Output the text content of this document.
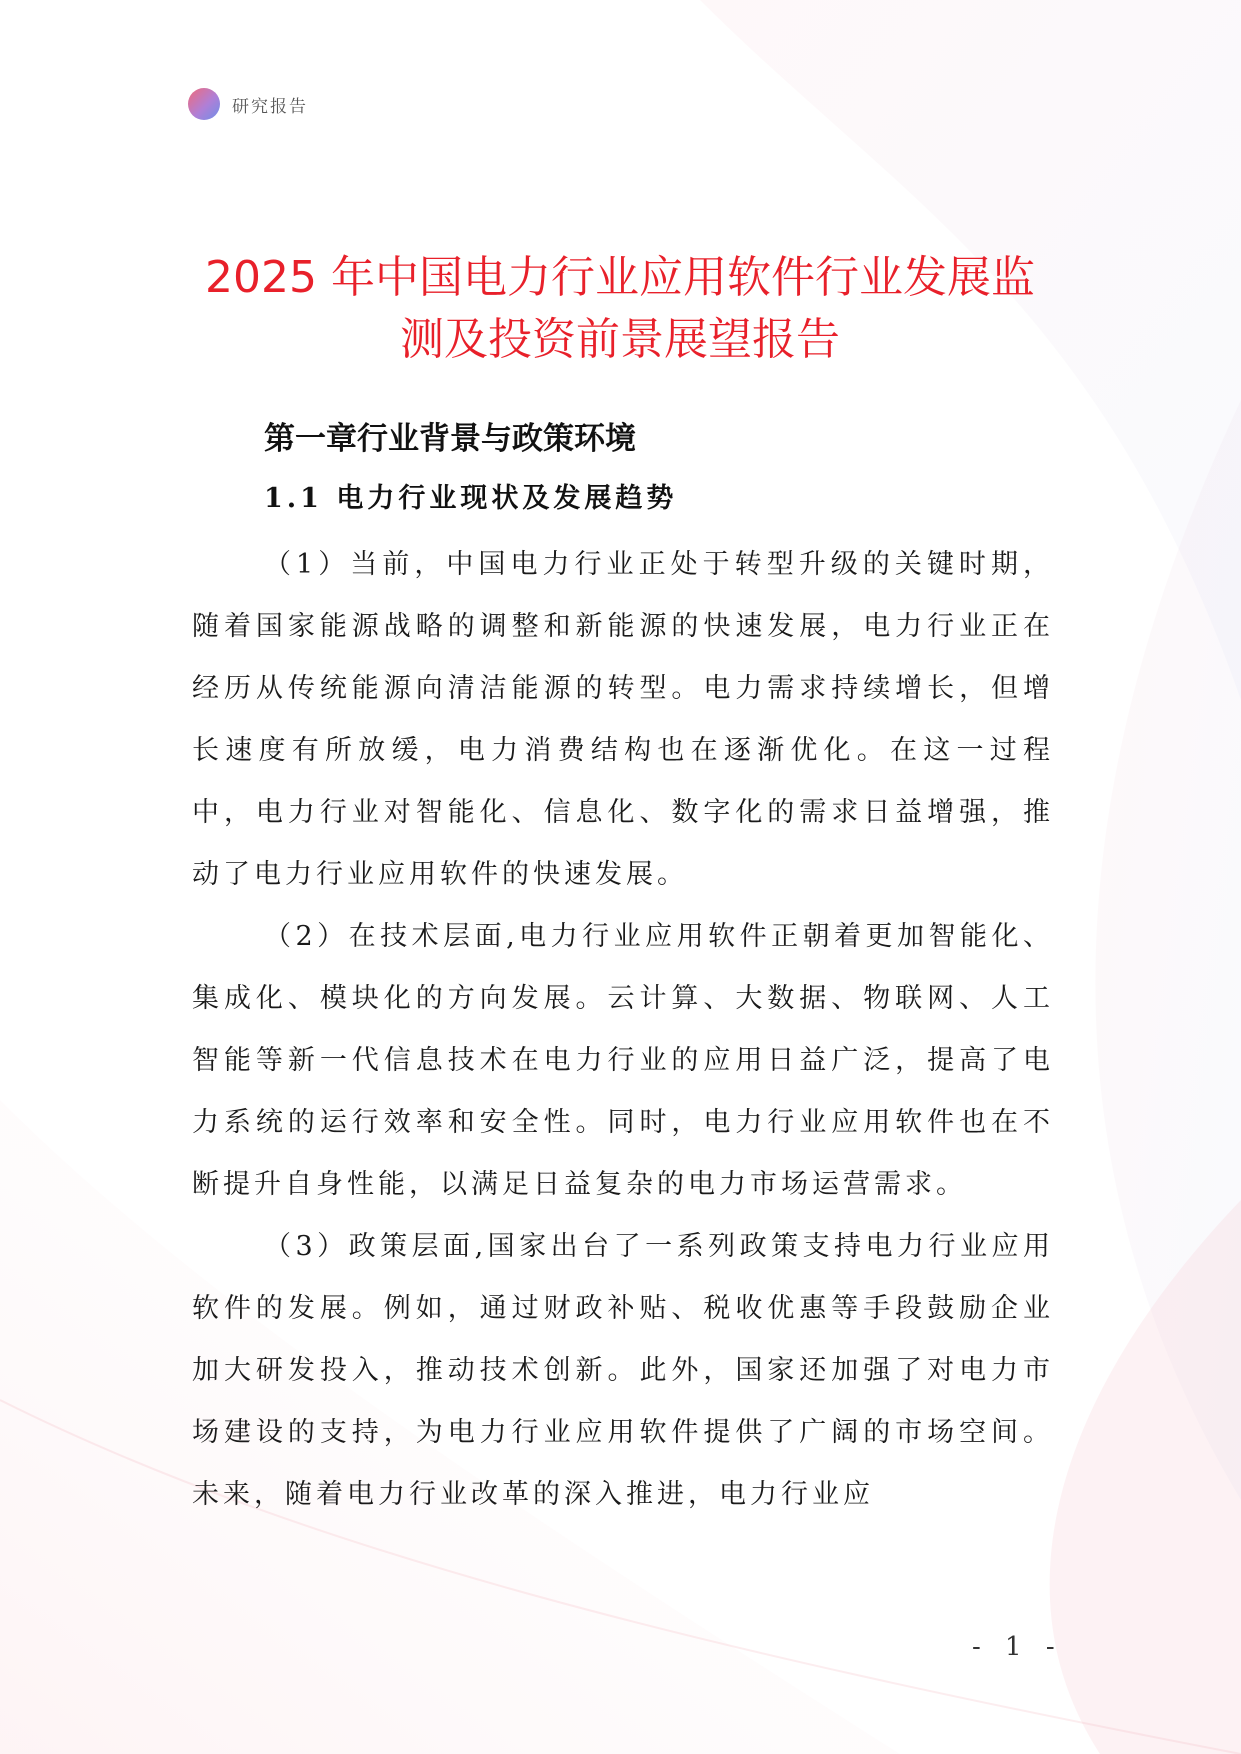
研究报告
2025 年中国电力行业应用软件行业发展监
测及投资前景展望报告
第一章行业背景与政策环境
1.1 电力行业现状及发展趋势

（1）当前，中国电力行业正处于转型升级的关键时期，随着国家能源战略的调整和新能源的快速发展，电力行业正在经历从传统能源向清洁能源的转型。电力需求持续增长，但增长速度有所放缓，电力消费结构也在逐渐优化。在这一过程中，电力行业对智能化、信息化、数字化的需求日益增强，推动了电力行业应用软件的快速发展。

（2）在技术层面,电力行业应用软件正朝着更加智能化、集成化、模块化的方向发展。云计算、大数据、物联网、人工智能等新一代信息技术在电力行业的应用日益广泛，提高了电力系统的运行效率和安全性。同时，电力行业应用软件也在不断提升自身性能，以满足日益复杂的电力市场运营需求。

（3）政策层面,国家出台了一系列政策支持电力行业应用软件的发展。例如，通过财政补贴、税收优惠等手段鼓励企业加大研发投入，推动技术创新。此外，国家还加强了对电力市场建设的支持，为电力行业应用软件提供了广阔的市场空间。未来，随着电力行业改革的深入推进，电力行业应

- 1 -
